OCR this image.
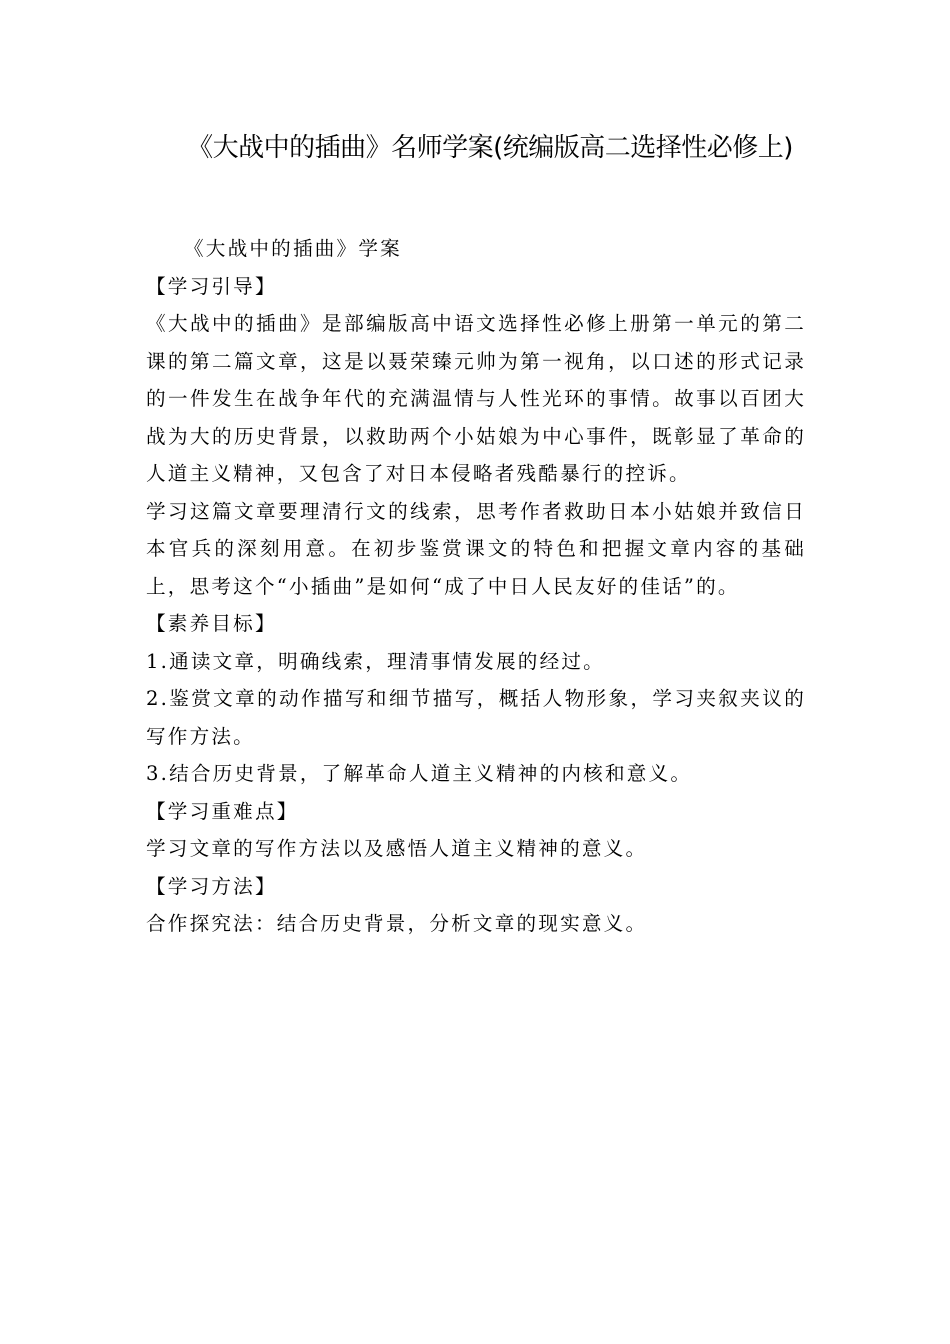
《大战中的插曲》名师学案(统编版高二选择性必修上)

《大战中的插曲》学案

【学习引导】

《大战中的插曲》是部编版高中语文选择性必修上册第一单元的第二课的第二篇文章，这是以聂荣臻元帅为第一视角，以口述的形式记录的一件发生在战争年代的充满温情与人性光环的事情。故事以百团大战为大的历史背景，以救助两个小姑娘为中心事件，既彰显了革命的人道主义精神，又包含了对日本侵略者残酷暴行的控诉。

学习这篇文章要理清行文的线索，思考作者救助日本小姑娘并致信日本官兵的深刻用意。在初步鉴赏课文的特色和把握文章内容的基础上，思考这个“小插曲”是如何“成了中日人民友好的佳话”的。

【素养目标】

1.通读文章，明确线索，理清事情发展的经过。

2.鉴赏文章的动作描写和细节描写，概括人物形象，学习夹叙夹议的写作方法。

3.结合历史背景，了解革命人道主义精神的内核和意义。

【学习重难点】

学习文章的写作方法以及感悟人道主义精神的意义。

【学习方法】

合作探究法：结合历史背景，分析文章的现实意义。
